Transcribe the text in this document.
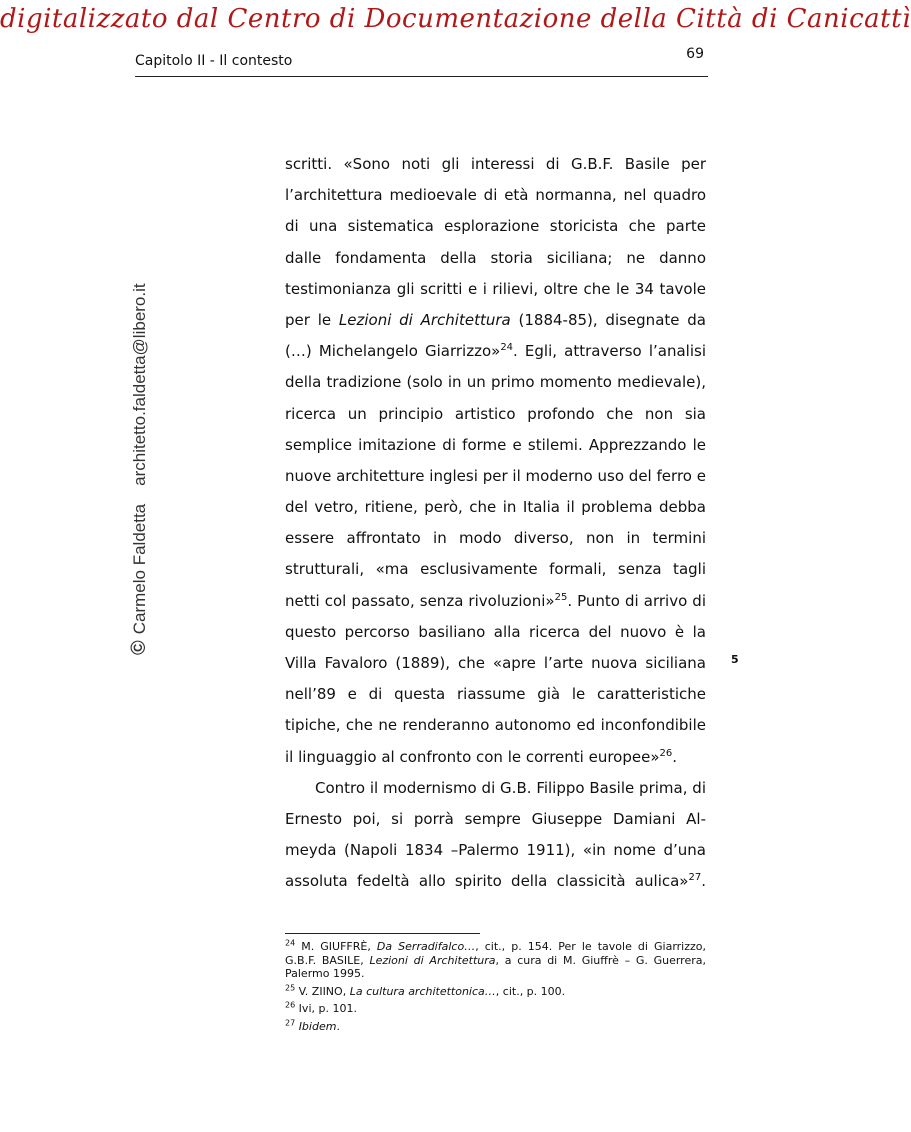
digitalizzato dal Centro di Documentazione della Città di Canicattì
Capitolo II - Il contesto	69
©Carmelo Faldettaarchitetto.faldetta@libero.it
scritti. «Sono noti gli interessi di G.B.F. Basile per
l’architettura medioevale di età normanna, nel quadro
di una sistematica esplorazione storicista che parte
dalle fondamenta della storia siciliana; ne danno
testimonianza gli scritti e i rilievi, oltre che le 34 tavole
per le Lezioni di Architettura (1884-85), disegnate da
(…) Michelangelo Giarrizzo»$^{24}$. Egli, attraverso l’analisi
della tradizione (solo in un primo momento medievale),
ricerca un principio artistico profondo che non sia
semplice imitazione di forme e stilemi. Apprezzando le
nuove architetture inglesi per il moderno uso del ferro e
del vetro, ritiene, però, che in Italia il problema debba
essere affrontato in modo diverso, non in termini
strutturali, «ma esclusivamente formali, senza tagli
netti col passato, senza rivoluzioni»$^{25}$. Punto di arrivo di
questo percorso basiliano alla ricerca del nuovo è la
Villa Favaloro (1889), che «apre l’arte nuova siciliana
nell’89 e di questa riassume già le caratteristiche
tipiche, che ne renderanno autonomo ed inconfondibile
il linguaggio al confronto con le correnti europee»$^{26}$.
Contro il modernismo di G.B. Filippo Basile prima, di
Ernesto poi, si porrà sempre Giuseppe Damiani Al-
meyda (Napoli 1834 –Palermo 1911), «in nome d’una
assoluta fedeltà allo spirito della classicità aulica»$^{27}$.
5

$^{24}$ M. GIUFFRÈ, Da Serradifalco…, cit., p. 154. Per le tavole di Giarrizzo, G.B.F. BASILE, Lezioni di Architettura, a cura di M. Giuffrè – G. Guerrera, Palermo 1995.

$^{25}$ V. ZIINO, La cultura architettonica…, cit., p. 100.

$^{26}$ Ivi, p. 101.

$^{27}$ Ibidem.
